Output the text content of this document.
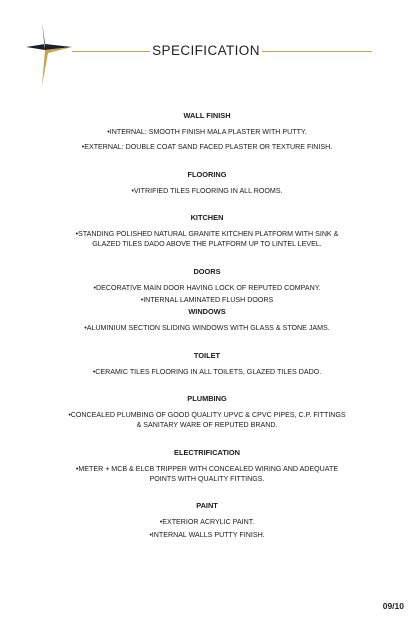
SPECIFICATION
WALL FINISH
•INTERNAL: SMOOTH FINISH MALA PLASTER WITH PUTTY.
•EXTERNAL: DOUBLE COAT SAND FACED PLASTER OR TEXTURE FINISH.
FLOORING
•VITRIFIED TILES FLOORING IN ALL ROOMS.
KITCHEN
•STANDING POLISHED NATURAL GRANITE KITCHEN PLATFORM WITH SINK & GLAZED TILES DADO ABOVE THE PLATFORM UP TO LINTEL LEVEL.
DOORS
•DECORATIVE MAIN DOOR HAVING LOCK OF REPUTED COMPANY.
•INTERNAL LAMINATED FLUSH DOORS
WINDOWS
•ALUMINIUM SECTION SLIDING WINDOWS WITH GLASS & STONE JAMS.
TOILET
•CERAMIC TILES FLOORING IN ALL TOILETS, GLAZED TILES DADO.
PLUMBING
•CONCEALED PLUMBING OF GOOD QUALITY UPVC & CPVC PIPES, C.P. FITTINGS & SANITARY WARE OF REPUTED BRAND.
ELECTRIFICATION
•METER + MCB & ELCB TRIPPER WITH CONCEALED WIRING AND ADEQUATE POINTS WITH QUALITY FITTINGS.
PAINT
•EXTERIOR ACRYLIC PAINT.
•INTERNAL WALLS PUTTY FINISH.
09/10
